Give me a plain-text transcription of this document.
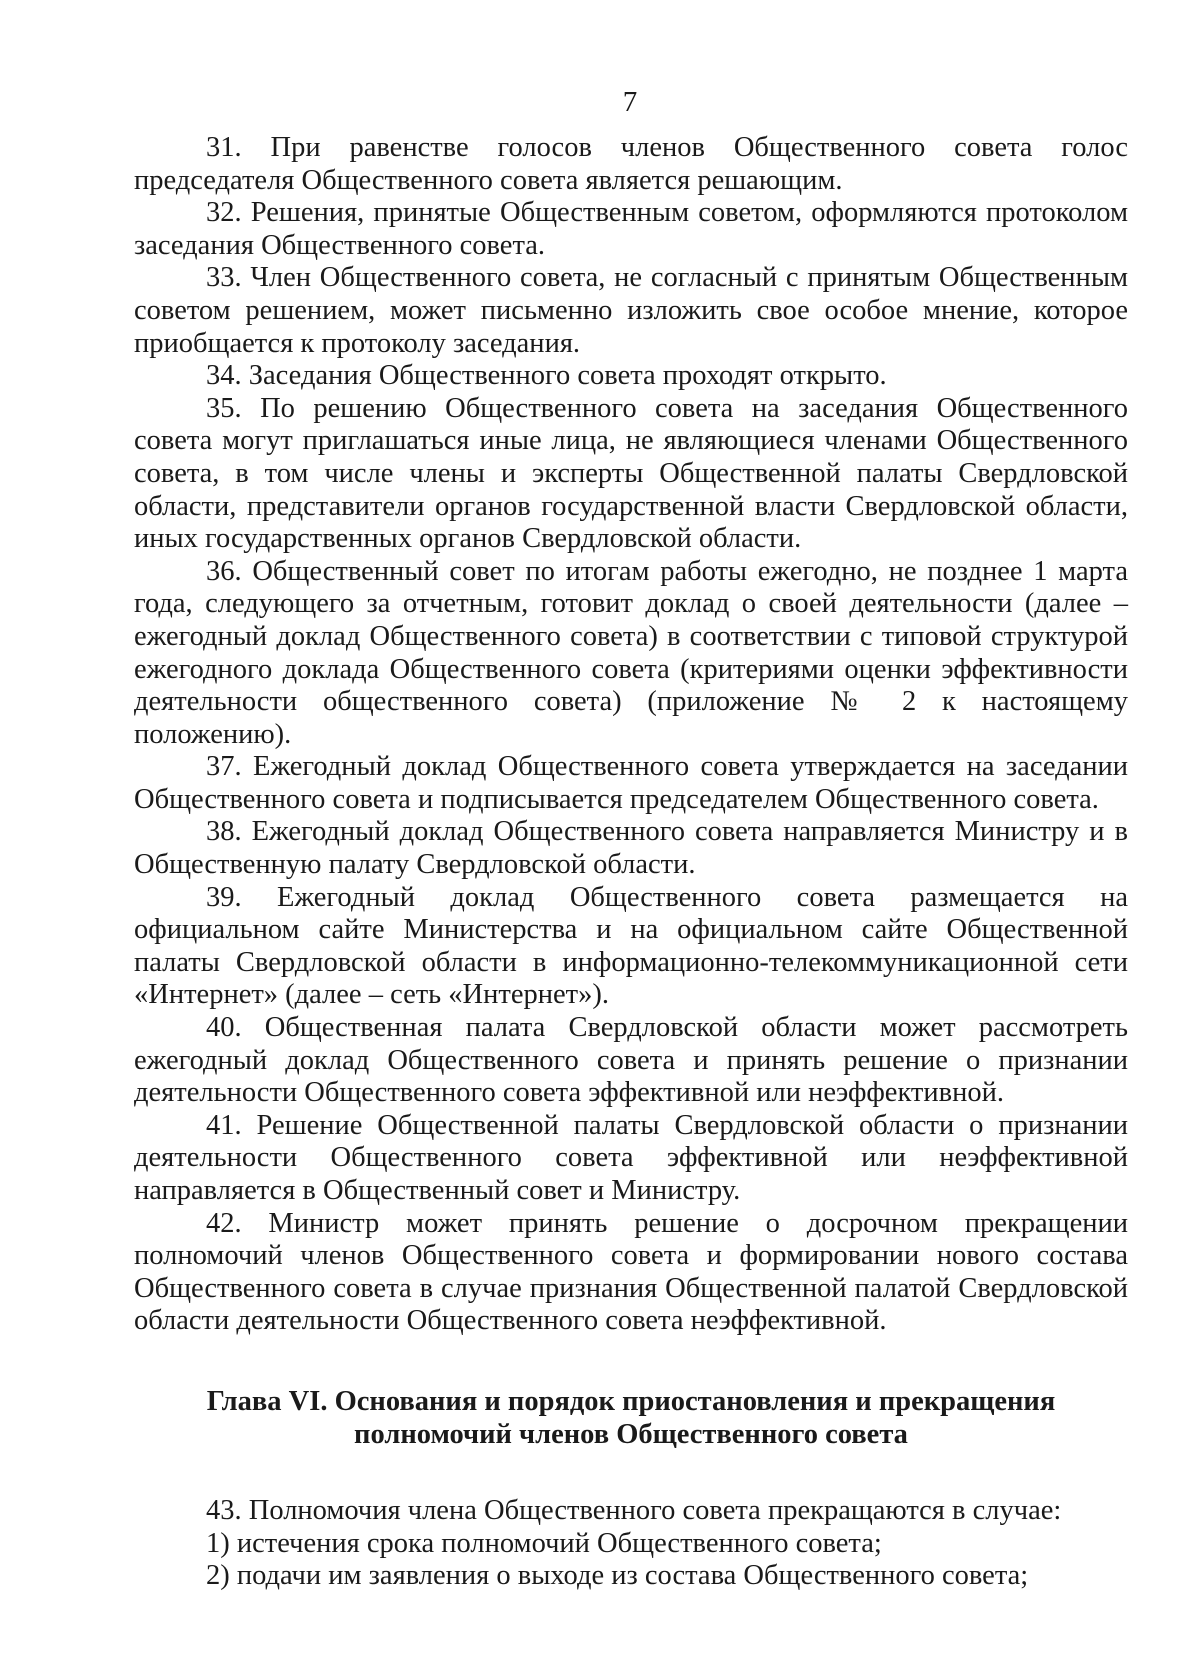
7

31. При равенстве голосов членов Общественного совета голос председателя Общественного совета является решающим.

32. Решения, принятые Общественным советом, оформляются протоколом заседания Общественного совета.

33. Член Общественного совета, не согласный с принятым Общественным советом решением, может письменно изложить свое особое мнение, которое приобщается к протоколу заседания.

34. Заседания Общественного совета проходят открыто.

35. По решению Общественного совета на заседания Общественного совета могут приглашаться иные лица, не являющиеся членами Общественного совета, в том числе члены и эксперты Общественной палаты Свердловской области, представители органов государственной власти Свердловской области, иных государственных органов Свердловской области.

36. Общественный совет по итогам работы ежегодно, не позднее 1 марта года, следующего за отчетным, готовит доклад о своей деятельности (далее – ежегодный доклад Общественного совета) в соответствии с типовой структурой ежегодного доклада Общественного совета (критериями оценки эффективности деятельности общественного совета) (приложение № 2 к настоящему положению).

37. Ежегодный доклад Общественного совета утверждается на заседании Общественного совета и подписывается председателем Общественного совета.

38. Ежегодный доклад Общественного совета направляется Министру и в Общественную палату Свердловской области.

39. Ежегодный доклад Общественного совета размещается на официальном сайте Министерства и на официальном сайте Общественной палаты Свердловской области в информационно-телекоммуникационной сети «Интернет» (далее – сеть «Интернет»).

40. Общественная палата Свердловской области может рассмотреть ежегодный доклад Общественного совета и принять решение о признании деятельности Общественного совета эффективной или неэффективной.

41. Решение Общественной палаты Свердловской области о признании деятельности Общественного совета эффективной или неэффективной направляется в Общественный совет и Министру.

42. Министр может принять решение о досрочном прекращении полномочий членов Общественного совета и формировании нового состава Общественного совета в случае признания Общественной палатой Свердловской области деятельности Общественного совета неэффективной.

Глава VI. Основания и порядок приостановления и прекращения
полномочий членов Общественного совета

43. Полномочия члена Общественного совета прекращаются в случае:

1) истечения срока полномочий Общественного совета;

2) подачи им заявления о выходе из состава Общественного совета;
